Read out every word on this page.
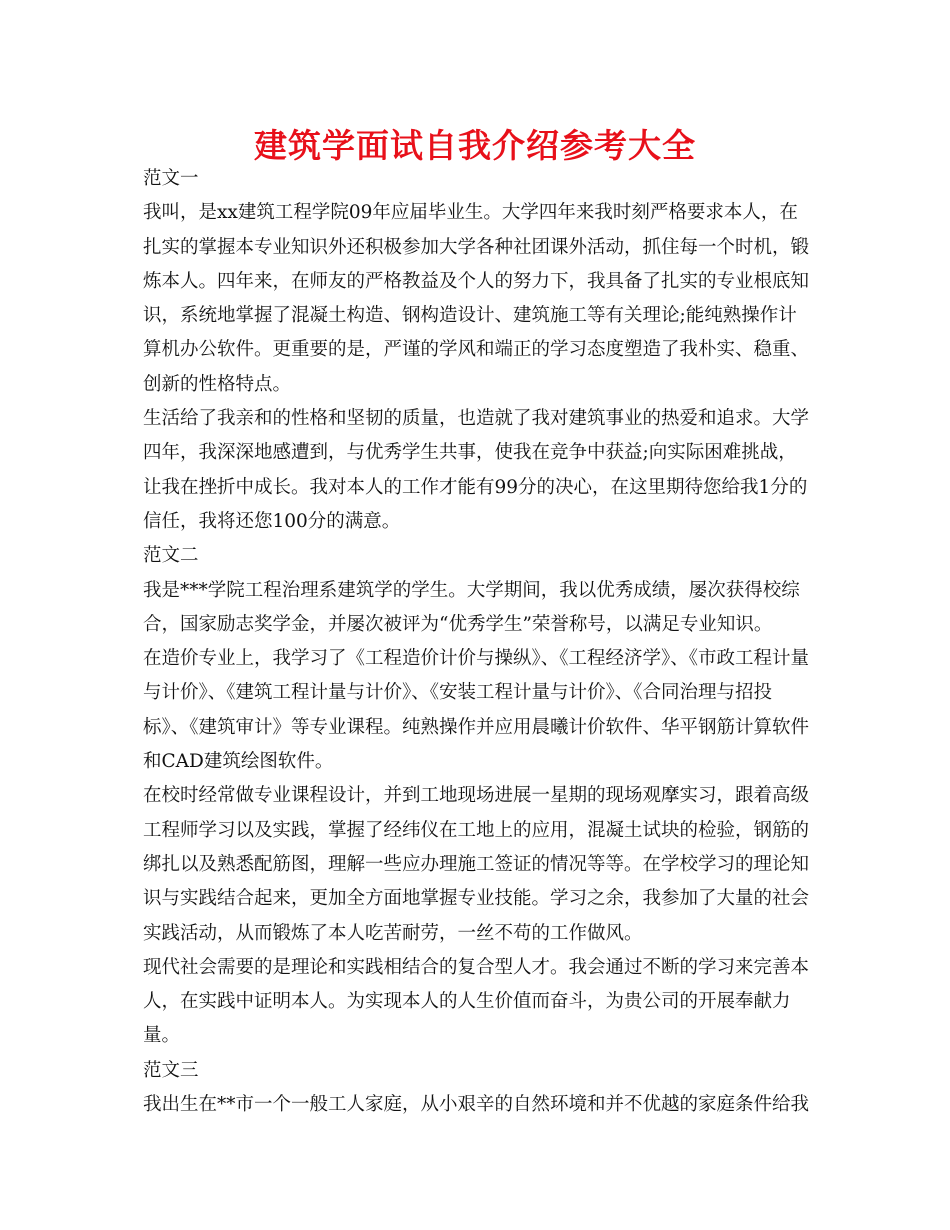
建筑学面试自我介绍参考大全

范文一

我叫，是xx建筑工程学院09年应届毕业生。大学四年来我时刻严格要求本人，在扎实的掌握本专业知识外还积极参加大学各种社团课外活动，抓住每一个时机，锻炼本人。四年来，在师友的严格教益及个人的努力下，我具备了扎实的专业根底知识，系统地掌握了混凝土构造、钢构造设计、建筑施工等有关理论;能纯熟操作计算机办公软件。更重要的是，严谨的学风和端正的学习态度塑造了我朴实、稳重、创新的性格特点。

生活给了我亲和的性格和坚韧的质量，也造就了我对建筑事业的热爱和追求。大学四年，我深深地感遭到，与优秀学生共事，使我在竞争中获益;向实际困难挑战，让我在挫折中成长。我对本人的工作才能有99分的决心，在这里期待您给我1分的信任，我将还您100分的满意。

范文二

我是***学院工程治理系建筑学的学生。大学期间，我以优秀成绩，屡次获得校综合，国家励志奖学金，并屡次被评为“优秀学生”荣誉称号，以满足专业知识。

在造价专业上，我学习了《工程造价计价与操纵》、《工程经济学》、《市政工程计量与计价》、《建筑工程计量与计价》、《安装工程计量与计价》、《合同治理与招投标》、《建筑审计》等专业课程。纯熟操作并应用晨曦计价软件、华平钢筋计算软件和CAD建筑绘图软件。

在校时经常做专业课程设计，并到工地现场进展一星期的现场观摩实习，跟着高级工程师学习以及实践，掌握了经纬仪在工地上的应用，混凝土试块的检验，钢筋的绑扎以及熟悉配筋图，理解一些应办理施工签证的情况等等。在学校学习的理论知识与实践结合起来，更加全方面地掌握专业技能。学习之余，我参加了大量的社会实践活动，从而锻炼了本人吃苦耐劳，一丝不苟的工作做风。

现代社会需要的是理论和实践相结合的复合型人才。我会通过不断的学习来完善本人，在实践中证明本人。为实现本人的人生价值而奋斗，为贵公司的开展奉献力量。

范文三

我出生在**市一个一般工人家庭，从小艰辛的自然环境和并不优越的家庭条件给我
